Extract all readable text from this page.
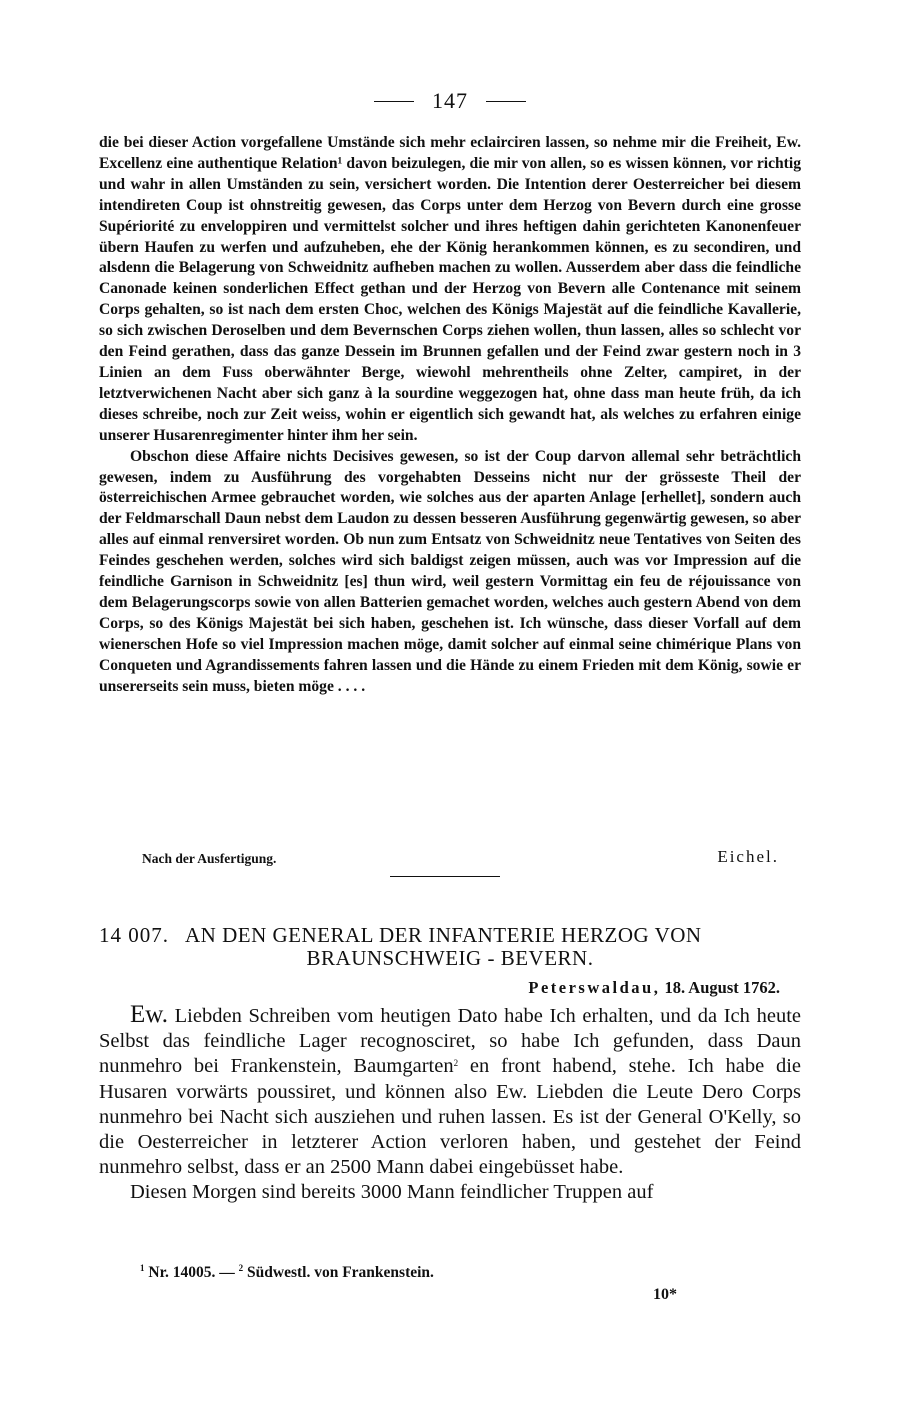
147

die bei dieser Action vorgefallene Umstände sich mehr eclairciren lassen, so nehme mir die Freiheit, Ew. Excellenz eine authentique Relation¹ davon beizulegen, die mir von allen, so es wissen können, vor richtig und wahr in allen Umständen zu sein, versichert worden. Die Intention derer Oesterreicher bei diesem intendireten Coup ist ohnstreitig gewesen, das Corps unter dem Herzog von Bevern durch eine grosse Supériorité zu enveloppiren und vermittelst solcher und ihres heftigen dahin gerichteten Kanonenfeuer übern Haufen zu werfen und aufzuheben, ehe der König herankommen können, es zu secondiren, und alsdenn die Belagerung von Schweidnitz aufheben machen zu wollen. Ausserdem aber dass die feindliche Canonade keinen sonderlichen Effect gethan und der Herzog von Bevern alle Contenance mit seinem Corps gehalten, so ist nach dem ersten Choc, welchen des Königs Majestät auf die feindliche Kavallerie, so sich zwischen Deroselben und dem Bevernschen Corps ziehen wollen, thun lassen, alles so schlecht vor den Feind gerathen, dass das ganze Dessein im Brunnen gefallen und der Feind zwar gestern noch in 3 Linien an dem Fuss oberwähnter Berge, wiewohl mehrentheils ohne Zelter, campiret, in der letztverwichenen Nacht aber sich ganz à la sourdine weggezogen hat, ohne dass man heute früh, da ich dieses schreibe, noch zur Zeit weiss, wohin er eigentlich sich gewandt hat, als welches zu erfahren einige unserer Husarenregimenter hinter ihm her sein.

Obschon diese Affaire nichts Decisives gewesen, so ist der Coup darvon allemal sehr beträchtlich gewesen, indem zu Ausführung des vorgehabten Desseins nicht nur der grösseste Theil der österreichischen Armee gebrauchet worden, wie solches aus der aparten Anlage [erhellet], sondern auch der Feldmarschall Daun nebst dem Laudon zu dessen besseren Ausführung gegenwärtig gewesen, so aber alles auf einmal renversiret worden. Ob nun zum Entsatz von Schweidnitz neue Tentatives von Seiten des Feindes geschehen werden, solches wird sich baldigst zeigen müssen, auch was vor Impression auf die feindliche Garnison in Schweidnitz [es] thun wird, weil gestern Vormittag ein feu de réjouissance von dem Belagerungscorps sowie von allen Batterien gemachet worden, welches auch gestern Abend von dem Corps, so des Königs Majestät bei sich haben, geschehen ist. Ich wünsche, dass dieser Vorfall auf dem wienerschen Hofe so viel Impression machen möge, damit solcher auf einmal seine chimérique Plans von Conqueten und Agrandissements fahren lassen und die Hände zu einem Frieden mit dem König, sowie er unsererseits sein muss, bieten möge . . . .

Nach der Ausfertigung.	Eichel.
14 007. AN DEN GENERAL DER INFANTERIE HERZOG VON
BRAUNSCHWEIG - BEVERN.
Peterswaldau, 18. August 1762.

Ew. Liebden Schreiben vom heutigen Dato habe Ich erhalten, und da Ich heute Selbst das feindliche Lager recognosciret, so habe Ich gefunden, dass Daun nunmehro bei Frankenstein, Baumgarten$^2$ en front habend, stehe. Ich habe die Husaren vorwärts poussiret, und können also Ew. Liebden die Leute Dero Corps nunmehro bei Nacht sich ausziehen und ruhen lassen. Es ist der General O'Kelly, so die Oesterreicher in letzterer Action verloren haben, und gestehet der Feind nunmehro selbst, dass er an 2500 Mann dabei eingebüsset habe.

Diesen Morgen sind bereits 3000 Mann feindlicher Truppen auf

$^1$ Nr. 14005. — $^2$ Südwestl. von Frankenstein.
10*
